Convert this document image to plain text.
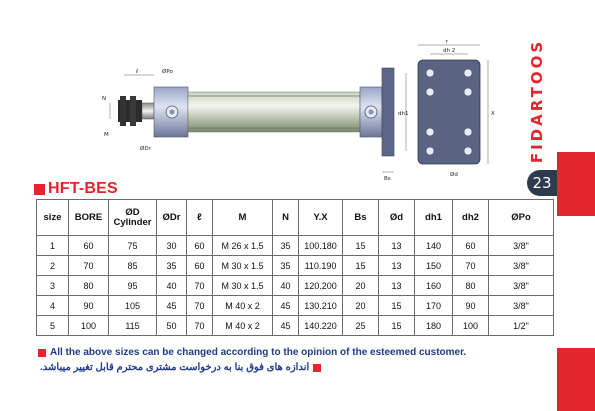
FIDARTOOS
23
Y
dh 2
X
dh1
ℓ	ØPo
N
M
ØDr
Bs
Ød
HFT-BES
size	BORE	ØD Cylinder	ØDr	ℓ	M	N	Y.X	Bs	Ød	dh1	dh2	ØPo
1	60	75	30	60	M 26 x 1.5	35	100.180	15	13	140	60	3/8"
2	70	85	35	60	M 30 x 1.5	35	110.190	15	13	150	70	3/8"
3	80	95	40	70	M 30 x 1.5	40	120.200	20	13	160	80	3/8"
4	90	105	45	70	M 40 x 2	45	130.210	20	15	170	90	3/8"
5	100	115	50	70	M 40 x 2	45	140.220	25	15	180	100	1/2"
All the above sizes can be changed according to the opinion of the esteemed customer.
اندازه های فوق بنا به درخواست مشتری محترم قابل تغییر میباشد.
